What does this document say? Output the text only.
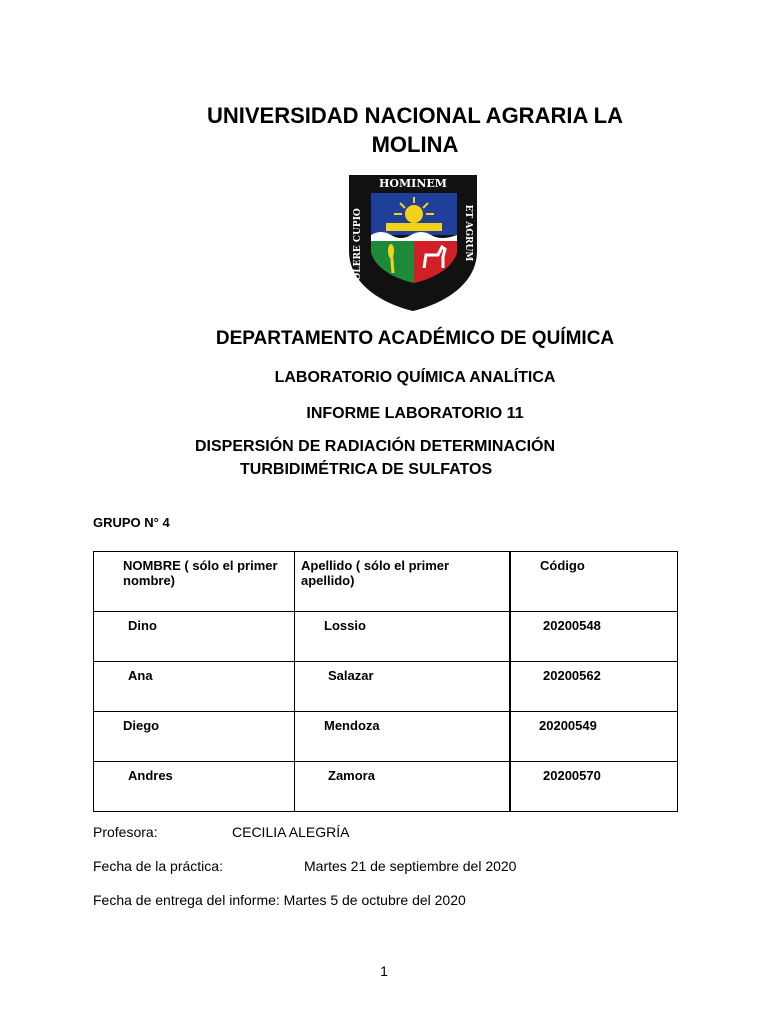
UNIVERSIDAD NACIONAL AGRARIA LA MOLINA
HOMINEM
COLERE CUPIO	ET AGRUM
DEPARTAMENTO ACADÉMICO DE QUÍMICA
LABORATORIO QUÍMICA ANALÍTICA
INFORME LABORATORIO 11
DISPERSIÓN DE RADIACIÓN DETERMINACIÓN
TURBIDIMÉTRICA DE SULFATOS
GRUPO N° 4
NOMBRE ( sólo el primer nombre)	Apellido ( sólo el primer apellido)	Código

Dino	Lossio	20200548

Ana	Salazar	20200562

Diego	Mendoza	20200549

Andres	Zamora	20200570
Profesora:	CECILIA ALEGRÍA
Fecha de la práctica:	Martes 21 de septiembre del 2020
Fecha de entrega del informe: Martes 5 de octubre del 2020
1
